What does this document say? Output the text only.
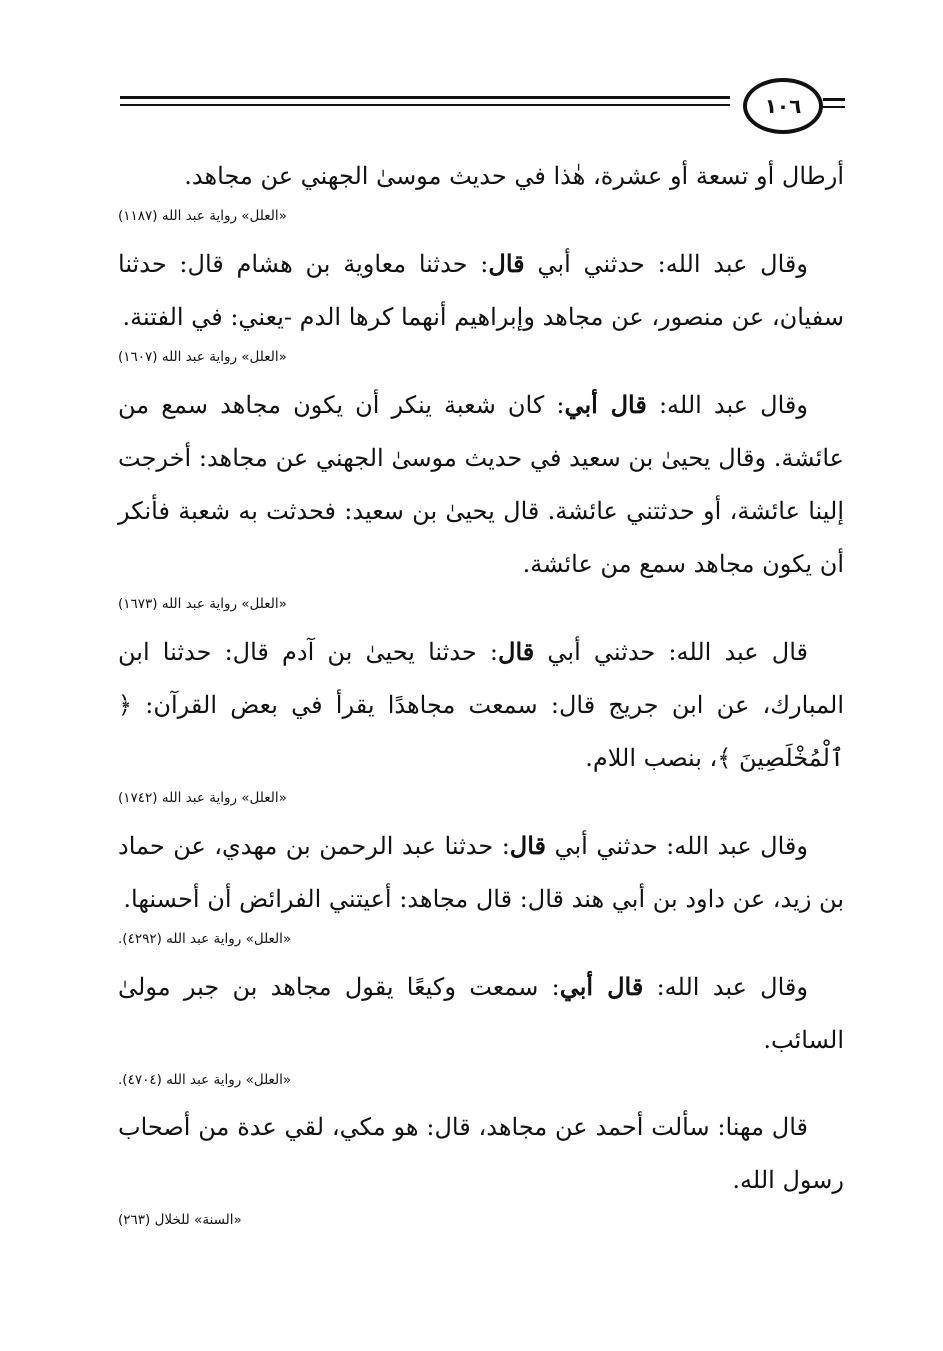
١٠٦

أرطال أو تسعة أو عشرة، هٰذا في حديث موسىٰ الجهني عن مجاهد.

«العلل» رواية عبد الله (١١٨٧)

وقال عبد الله: حدثني أبي قال: حدثنا معاوية بن هشام قال: حدثنا سفيان، عن منصور، عن مجاهد وإبراهيم أنهما كرها الدم -يعني: في الفتنة.

«العلل» رواية عبد الله (١٦٠٧)

وقال عبد الله: قال أبي: كان شعبة ينكر أن يكون مجاهد سمع من عائشة. وقال يحيىٰ بن سعيد في حديث موسىٰ الجهني عن مجاهد: أخرجت إلينا عائشة، أو حدثتني عائشة. قال يحيىٰ بن سعيد: فحدثت به شعبة فأنكر أن يكون مجاهد سمع من عائشة.

«العلل» رواية عبد الله (١٦٧٣)

قال عبد الله: حدثني أبي قال: حدثنا يحيىٰ بن آدم قال: حدثنا ابن المبارك، عن ابن جريج قال: سمعت مجاهدًا يقرأ في بعض القرآن: ﴿ ٱلْمُخْلَصِينَ ﴾، بنصب اللام.

«العلل» رواية عبد الله (١٧٤٢)

وقال عبد الله: حدثني أبي قال: حدثنا عبد الرحمن بن مهدي، عن حماد بن زيد، عن داود بن أبي هند قال: قال مجاهد: أعيتني الفرائض أن أحسنها.

«العلل» رواية عبد الله (٤٢٩٢).

وقال عبد الله: قال أبي: سمعت وكيعًا يقول مجاهد بن جبر مولىٰ السائب.

«العلل» رواية عبد الله (٤٧٠٤).

قال مهنا: سألت أحمد عن مجاهد، قال: هو مكي، لقي عدة من أصحاب رسول الله.

«السنة» للخلال (٢٦٣)
